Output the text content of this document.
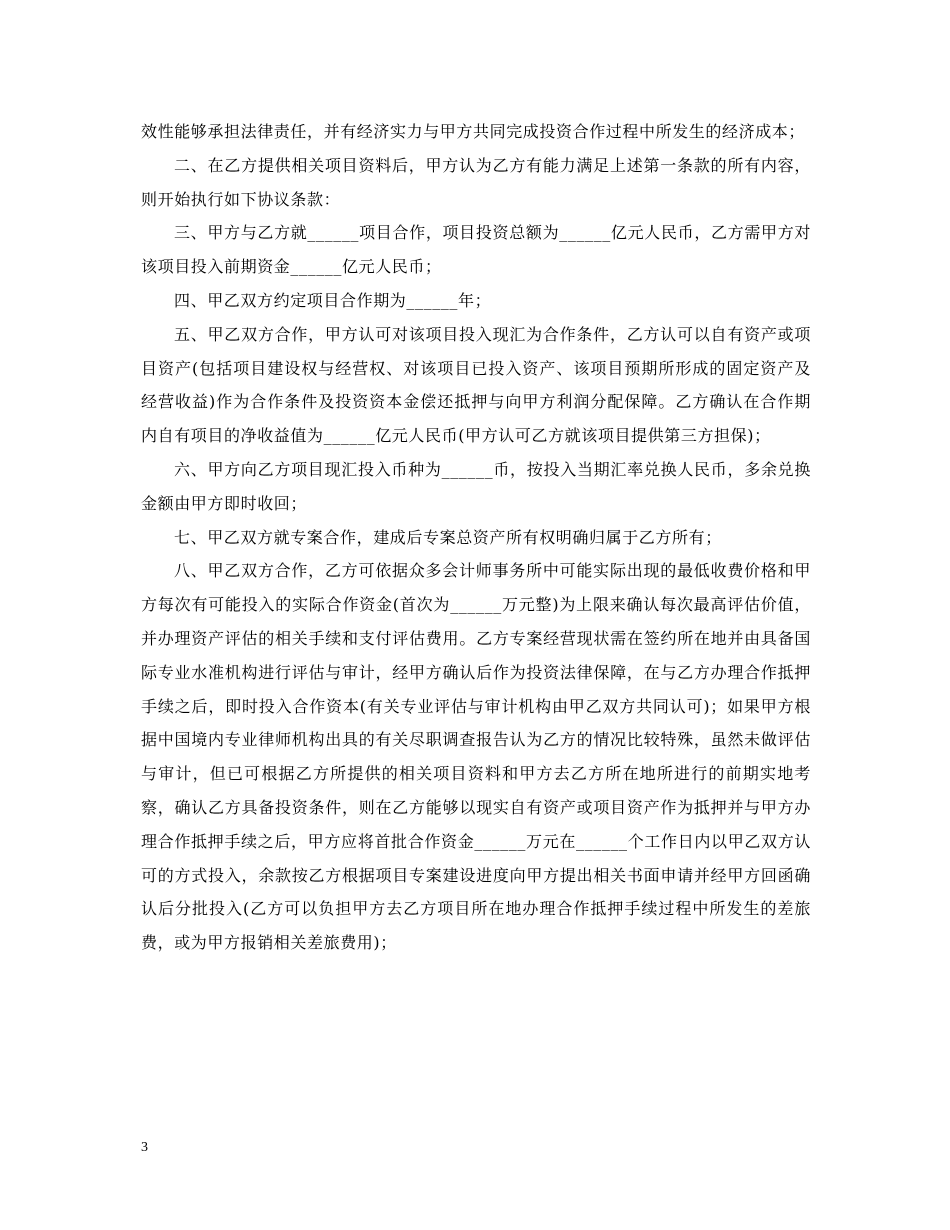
效性能够承担法律责任，并有经济实力与甲方共同完成投资合作过程中所发生的经济成本；

二、在乙方提供相关项目资料后，甲方认为乙方有能力满足上述第一条款的所有内容，则开始执行如下协议条款：

三、甲方与乙方就______项目合作，项目投资总额为______亿元人民币，乙方需甲方对该项目投入前期资金______亿元人民币；

四、甲乙双方约定项目合作期为______年；

五、甲乙双方合作，甲方认可对该项目投入现汇为合作条件，乙方认可以自有资产或项目资产(包括项目建设权与经营权、对该项目已投入资产、该项目预期所形成的固定资产及经营收益)作为合作条件及投资资本金偿还抵押与向甲方利润分配保障。乙方确认在合作期内自有项目的净收益值为______亿元人民币(甲方认可乙方就该项目提供第三方担保)；

六、甲方向乙方项目现汇投入币种为______币，按投入当期汇率兑换人民币，多余兑换金额由甲方即时收回；

七、甲乙双方就专案合作，建成后专案总资产所有权明确归属于乙方所有；

八、甲乙双方合作，乙方可依据众多会计师事务所中可能实际出现的最低收费价格和甲方每次有可能投入的实际合作资金(首次为______万元整)为上限来确认每次最高评估价值，并办理资产评估的相关手续和支付评估费用。乙方专案经营现状需在签约所在地并由具备国际专业水准机构进行评估与审计，经甲方确认后作为投资法律保障，在与乙方办理合作抵押手续之后，即时投入合作资本(有关专业评估与审计机构由甲乙双方共同认可)；如果甲方根据中国境内专业律师机构出具的有关尽职调查报告认为乙方的情况比较特殊，虽然未做评估与审计，但已可根据乙方所提供的相关项目资料和甲方去乙方所在地所进行的前期实地考察，确认乙方具备投资条件，则在乙方能够以现实自有资产或项目资产作为抵押并与甲方办理合作抵押手续之后，甲方应将首批合作资金______万元在______个工作日内以甲乙双方认可的方式投入，余款按乙方根据项目专案建设进度向甲方提出相关书面申请并经甲方回函确认后分批投入(乙方可以负担甲方去乙方项目所在地办理合作抵押手续过程中所发生的差旅费，或为甲方报销相关差旅费用)；

3
